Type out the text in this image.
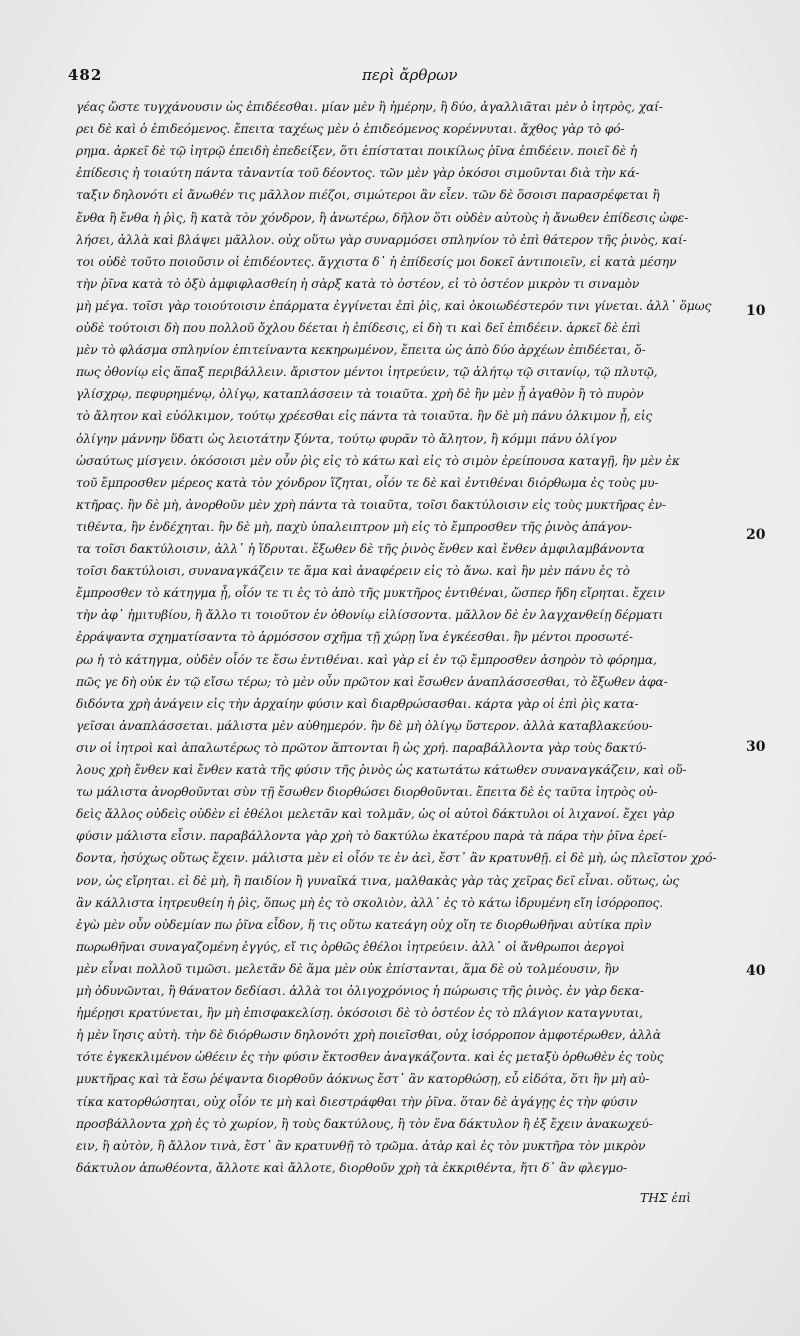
482	περὶ ἄρθρων
γέας ὥστε τυγχάνουσιν ὡς ἐπιδέεσθαι. μίαν μὲν ἢ ἡμέρην, ἢ δύο, ἀγαλλιᾶται μὲν ὁ ἰητρὸς, χαί-
ρει δὲ καὶ ὁ ἐπιδεόμενος. ἔπειτα ταχέως μὲν ὁ ἐπιδεόμενος κορέννυται. ἄχθος γὰρ τὸ φό-
ρημα. ἀρκεῖ δὲ τῷ ἰητρῷ ἐπειδὴ ἐπεδείξεν, ὅτι ἐπίσταται ποικίλως ῥῖνα ἐπιδέειν. ποιεῖ δὲ ἡ
ἐπίδεσις ἡ τοιαύτη πάντα τἀναντία τοῦ δέοντος. τῶν μὲν γὰρ ὁκόσοι σιμοῦνται διὰ τὴν κά-
ταξιν δηλονότι εἰ ἄνωθέν τις μᾶλλον πιέζοι, σιμώτεροι ἂν εἶεν. τῶν δὲ ὅσοισι παρασρέφεται ἢ
ἔνθα ἢ ἔνθα ἡ ῥὶς, ἢ κατὰ τὸν χόνδρον, ἢ ἀνωτέρω, δῆλον ὅτι οὐδὲν αὐτοὺς ἡ ἄνωθεν ἐπίδεσις ὠφε-
λήσει, ἀλλὰ καὶ βλάψει μᾶλλον. οὐχ οὕτω γὰρ συναρμόσει σπληνίον τὸ ἐπὶ θάτερον τῆς ῥινὸς, καί-
τοι οὐδὲ τοῦτο ποιοῦσιν οἱ ἐπιδέοντες. ἄγχιστα δ᾽ ἡ ἐπίδεσίς μοι δοκεῖ ἀντιποιεῖν, εἰ κατὰ μέσην
τὴν ῥῖνα κατὰ τὸ ὀξὺ ἀμφιφλασθείη ἡ σὰρξ κατὰ τὸ ὀστέον, εἰ τὸ ὀστέον μικρὸν τι σιναμὸν
μὴ μέγα. τοῖσι γὰρ τοιούτοισιν ἐπάρματα ἐγγίνεται ἐπὶ ῥὶς, καὶ ὀκοιωδέστερόν τινι γίνεται. ἀλλ᾽ ὅμως
οὐδὲ τούτοισι δὴ που πολλοῦ ὄχλου δέεται ἡ ἐπίδεσις, εἰ δὴ τι καὶ δεῖ ἐπιδέειν. ἀρκεῖ δὲ ἐπὶ
μὲν τὸ φλάσμα σπληνίον ἐπιτείναντα κεκηρωμένον, ἔπειτα ὡς ἀπὸ δύο ἀρχέων ἐπιδέεται, ὅ-
πως ὀθονίῳ εἰς ἅπαξ περιβάλλειν. ἄριστον μέντοι ἰητρεύειν, τῷ ἀλήτῳ τῷ σιτανίῳ, τῷ πλυτῷ,
γλίσχρῳ, πεφυρημένῳ, ὀλίγῳ, καταπλάσσειν τὰ τοιαῦτα. χρὴ δὲ ἢν μὲν ᾖ ἀγαθὸν ἢ τὸ πυρὸν
τὸ ἄλητον καὶ εὐόλκιμον, τούτῳ χρέεσθαι εἰς πάντα τὰ τοιαῦτα. ἢν δὲ μὴ πάνυ ὁλκιμον ᾖ, εἰς
ὀλίγην μάννην ὕδατι ὡς λειοτάτην ξύντα, τούτῳ φυρᾶν τὸ ἄλητον, ἢ κόμμι πάνυ ὀλίγον
ὡσαύτως μίσγειν. ὁκόσοισι μὲν οὖν ῥὶς εἰς τὸ κάτω καὶ εἰς τὸ σιμὸν ἐρείπουσα καταγῇ, ἢν μὲν ἐκ
τοῦ ἔμπροσθεν μέρεος κατὰ τὸν χόνδρον ἵζηται, οἷόν τε δὲ καὶ ἐντιθέναι διόρθωμα ἐς τοὺς μυ-
κτῆρας. ἢν δὲ μὴ, ἀνορθοῦν μὲν χρὴ πάντα τὰ τοιαῦτα, τοῖσι δακτύλοισιν εἰς τοὺς μυκτῆρας ἐν-
τιθέντα, ἢν ἐνδέχηται. ἢν δὲ μὴ, παχὺ ὑπαλειπτρον μὴ εἰς τὸ ἔμπροσθεν τῆς ῥινὸς ἀπάγον-
τα τοῖσι δακτύλοισιν, ἀλλ᾽ ἡ ἵδρυται. ἔξωθεν δὲ τῆς ῥινὸς ἔνθεν καὶ ἔνθεν ἀμφιλαμβάνοντα
τοῖσι δακτύλοισι, συναναγκάζειν τε ἅμα καὶ ἀναφέρειν εἰς τὸ ἄνω. καὶ ἢν μὲν πάνυ ἐς τὸ
ἔμπροσθεν τὸ κάτηγμα ᾖ, οἷόν τε τι ἐς τὸ ἀπὸ τῆς μυκτῆρος ἐντιθέναι, ὥσπερ ἤδη εἴρηται. ἔχειν
τὴν ἀφ᾽ ἡμιτυβίου, ἢ ἄλλο τι τοιοῦτον ἐν ὀθονίῳ εἱλίσσοντα. μᾶλλον δὲ ἐν λαγχανθείῃ δέρματι
ἐρράψαντα σχηματίσαντα τὸ ἁρμόσσον σχῆμα τῇ χώρῃ ἵνα ἐγκέεσθαι. ἢν μέντοι προσωτέ-
ρω ἡ τὸ κάτηγμα, οὐδὲν οἷόν τε ἔσω ἐντιθέναι. καὶ γὰρ εἰ ἐν τῷ ἔμπροσθεν ἀσηρὸν τὸ φόρημα,
πῶς γε δὴ οὐκ ἐν τῷ εἴσω τέρω; τὸ μὲν οὖν πρῶτον καὶ ἔσωθεν ἀναπλάσσεσθαι, τὸ ἔξωθεν ἀφα-
διδόντα χρὴ ἀνάγειν εἰς τὴν ἀρχαίην φύσιν καὶ διαρθρώσασθαι. κάρτα γὰρ οἱ ἐπὶ ῥὶς κατα-
γεῖσαι ἀναπλάσσεται. μάλιστα μὲν αὐθημερόν. ἢν δὲ μὴ ὀλίγῳ ὕστερον. ἀλλὰ καταβλακεύου-
σιν οἱ ἰητροὶ καὶ ἁπαλωτέρως τὸ πρῶτον ἅπτονται ἢ ὡς χρή. παραβάλλοντα γὰρ τοὺς δακτύ-
λους χρὴ ἔνθεν καὶ ἔνθεν κατὰ τῆς φύσιν τῆς ῥινὸς ὡς κατωτάτω κάτωθεν συναναγκάζειν, καὶ οὕ-
τω μάλιστα ἀνορθοῦνται σὺν τῇ ἔσωθεν διορθώσει διορθοῦνται. ἔπειτα δὲ ἐς ταῦτα ἰητρὸς οὐ-
δεὶς ἄλλος οὐδεὶς οὐδὲν εἰ ἐθέλοι μελετᾶν καὶ τολμᾶν, ὡς οἱ αὐτοὶ δάκτυλοι οἱ λιχανοί. ἔχει γὰρ
φύσιν μάλιστα εἶσιν. παραβάλλοντα γὰρ χρὴ τὸ δακτύλω ἑκατέρου παρὰ τὰ πάρα τὴν ῥῖνα ἐρεί-
δοντα, ἡσύχως οὕτως ἔχειν. μάλιστα μὲν εἰ οἷόν τε ἐν ἀεὶ, ἔστ᾽ ἂν κρατυνθῇ. εἰ δὲ μὴ, ὡς πλεῖστον χρό-
νον, ὡς εἴρηται. εἰ δὲ μὴ, ἢ παιδίον ἢ γυναῖκά τινα, μαλθακὰς γὰρ τὰς χεῖρας δεῖ εἶναι. οὕτως, ὡς
ἂν κάλλιστα ἰητρευθείη ἡ ῥὶς, ὅπως μὴ ἐς τὸ σκολιὸν, ἀλλ᾽ ἐς τὸ κάτω ἰδρυμένη εἴη ἰσόρροπος.
ἐγὼ μὲν οὖν οὐδεμίαν πω ῥῖνα εἶδον, ἥ τις οὕτω κατεάγη οὐχ οἵη τε διορθωθῆναι αὐτίκα πρὶν
πωρωθῆναι συναγαζομένη ἐγγύς, εἴ τις ὀρθῶς ἐθέλοι ἰητρεύειν. ἀλλ᾽ οἱ ἄνθρωποι ἀεργοὶ
μὲν εἶναι πολλοῦ τιμῶσι. μελετᾶν δὲ ἅμα μὲν οὐκ ἐπίστανται, ἅμα δὲ οὐ τολμέουσιν, ἢν
μὴ ὀδυνῶνται, ἢ θάνατον δεδίασι. ἀλλὰ τοι ὀλιγοχρόνιος ἡ πώρωσις τῆς ῥινὸς. ἐν γὰρ δεκα-
ἡμέρῃσι κρατύνεται, ἢν μὴ ἐπισφακελίσῃ. ὁκόσοισι δὲ τὸ ὀστέον ἐς τὸ πλάγιον καταγνυται,
ἡ μὲν ἴησις αὐτὴ. τὴν δὲ διόρθωσιν δηλονότι χρὴ ποιεῖσθαι, οὐχ ἰσόρροπον ἀμφοτέρωθεν, ἀλλὰ
τότε ἐγκεκλιμένον ὠθέειν ἐς τὴν φύσιν ἔκτοσθεν ἀναγκάζοντα. καὶ ἐς μεταξὺ ὀρθωθὲν ἐς τοὺς
μυκτῆρας καὶ τὰ ἔσω ῥέψαντα διορθοῦν ἀόκνως ἔστ᾽ ἂν κατορθώσῃ, εὖ εἰδότα, ὅτι ἢν μὴ αὐ-
τίκα κατορθώσηται, οὐχ οἷόν τε μὴ καὶ διεστράφθαι τὴν ῥῖνα. ὅταν δὲ ἀγάγῃς ἐς τὴν φύσιν
προσβάλλοντα χρὴ ἐς τὸ χωρίον, ἢ τοὺς δακτύλους, ἢ τὸν ἕνα δάκτυλον ἢ ἐξ ἔχειν ἀνακωχεύ-
ειν, ἢ αὐτὸν, ἢ ἄλλον τινὰ, ἔστ᾽ ἂν κρατυνθῇ τὸ τρῶμα. ἀτὰρ καὶ ἐς τὸν μυκτῆρα τὸν μικρὸν
δάκτυλον ἀπωθέοντα, ἄλλοτε καὶ ἄλλοτε, διορθοῦν χρὴ τὰ ἐκκριθέντα, ἤτι δ᾽ ἂν φλεγμο-
10
20
30
40
ΤΗΣ ἐπὶ
